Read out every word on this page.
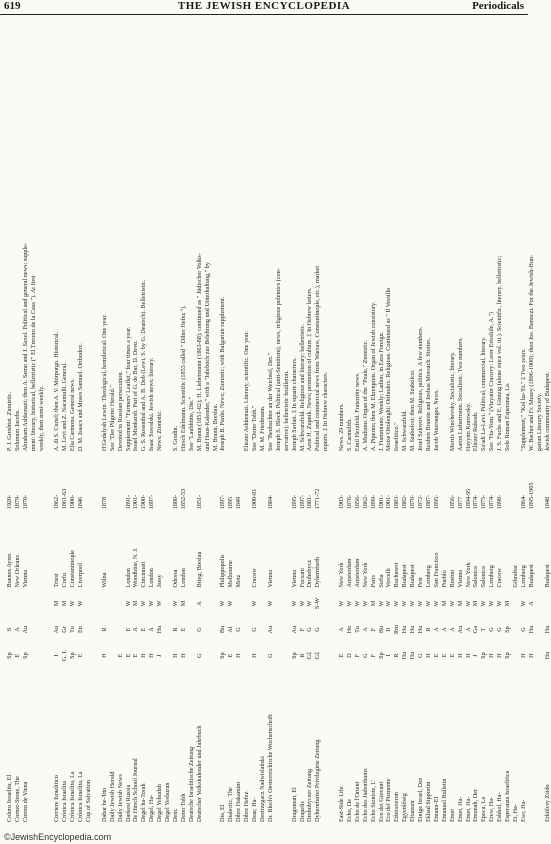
619	THE JEWISH ENCYCLOPEDIA	Periodicals
Coloro Israelita, El	Sp	S		Buenos Ayres	1920-	P. J. Groshtat. Zionistic.
Corner-Stone, The	E	A		New Orleans	1879-	Solomon Jacobs.
Correo de Viena	Sp	Au		Vienna	1870-	Abraham Ashkenazi; then A. Semo and J. Saxel. Political and general news; supple-
						ment: literary, historical, belletristic (" El Tresoro de la Casa "). At first
						weekly, then semi-weekly.

Corriere Israelitico	I	Au	M	Triest	1862-	A. di S. Curiel; then A. V. Morpurgo. Historical.
Crónica Israelita	G. I.	Gr	M	Corfu	1861-63	M. Levi and Z. Nacamulli. General.
Crónica Israelita, La	Sp	Tu	W	Constantinople	1900-	Elia Carmona. General news.
Crónica Israelita, La	E	En	W	Liverpool	1846	D. M. Isaacs and Moses Samuel. Orthodox.
Cup of Salvation						

Dabar be-'Itto	H	R		Wilna	1878	H'Gedalyah Lewin. Theological, homiletical. One year.
Daily Jewish Herald						See "Der Pilgerer Herald."
Daily Jewish News	E					Devoted to Russian persecution.
Darkest Russia	E	E	W	London	1891-	Supplement: "Farmers' Leaflet," four times a year.
De Hirsch School Journal	E	A	M	Woodbine, N. J.	1901-	Israel Monkarsh. Part of G. de Bar, D. Devo.
Degel ha-Torah	H	E	W	Cincinnati	1900-	G. S. Rosenthal and A. B. Dob (Lewi, S. by G. Deutsch). Belletristic.
Degel, Ha-	H	A	W	London	1897-	Isaac Suwalski. Jewish news; literary.
Degel Yehudah	J	Hu	W	Jassy		News; Zionistic.
Degel Yeshurun						
Dem.	H	R	W	Odessa	1880-	S. Gradin.
Dorer Tobh	H	E	M	London	1852-53	Hirsch Edelmann. Scientific (1853 called " Dibre Hefez ").
Deutsche Israelitische Zeitung						See "Laubhütte, Die."
Deutscher Volkskalender und Jahrbuch	G	G	A	Brieg; Breslau	1851-	M. Brann (1851-62); H. Liebermann (1863-88); continued as " Jüdischer Volks-
						und Haus-Kalender," with a "Jahrbuch zur Belehrung und Unterhaltung," by
						M. Brann, Breslau.
Dia, El	Sp	Bu	W	Philippopolis	1897-	Joseph B. Pardo. News; Zionistic; with Bulgarian supplement.
Dialectic, The	E	Al	W	Melbourne	1895	
Dibre Hakamim	H	G		Metz	1849	
Dibre Hefez						Eliezer Ashkenazi. Literary, scientific. One year.
Doar, Ha-	H	G	W	Cracow	1900-01	See "Dorer Tobh."
Dostrzegacz Nadwislański						M. M. Friedmann.
Dr. Bloch's Oesterreichische Wochenschrift	G	Au	W	Vienna	1884-	See "Beobachter an der Weichsel, Der."
						Joseph S. Bloch. Political (anti-Semitism), news, religious polemics (con-
						servative); belletristic feuilleton.
Dragoman, El	Sp	Au	W	Vienna	1895-	Joseph Sarfati. ‡ In square characters.
Drapelis	R	F	W	Focsani	1897-	M. Schwarzfeld. Religious and literary; belletristic.
Drohobyczer Zeitung	G‡	G	W	Drohobycz	1881-	Aron H. Zupnik. News; promotion of culture. ‡ In Hebrew letters.
Dyhernfurter Privilegirte Zeitung	G‡	G	S-W	Dyhernfurth	1771-72	Political and commercial news from Warsaw, Constantinople, etc.), market
						reports. ‡ In Hebrew characters.

East-Side Life	E	A	W	New York	1903-	News. 29 numbers.
Echo, De	D	Ho	W	Amsterdam	1876-	S. Carmelith.
Echo de l'Orient	F	Tu	W	Amsterdam	1856-	Emil Herzfeld. Fraternity news.
Echo des Judenthums	G	A	W	New York	1862-	A. Modiano. Organ of the "Poale." Zionistic.
Echo Sioniste, L'	F	F	M	Paris	1899-	A. Piperno; then M. Ehrenpreis. Organ of Jewish consistory.
Eco dei Giovani	Sp	Bu	W	Sofia	1901-	J. Fiammiano. Weekly; Ladino, in Ezra Foreign.
Eco del Piemonte	I	It	W	Vercelli	1901-	Moise Ottolenghi; Orthodox. Religious. Continued as " Il Vessillo
Edstraxerun	R	Rm	W	Bucharest	1883-	Israelitico."
Egyenlőség	Hu	Hu	W	Budapest	1882-	M. Schwarzfeld.
Eltanszir	Hu	Hu	W	Budapest	1870-	M. Szabolcsi; then M. Szabolcsi.
Einige Israel, Das	G	Hu	W	Pest	1872-	Josef Szlovov. Religious, politics. A few numbers.
Ekhad Sipporim	H	R	W	Lemberg	1887-	Reuben Brainin and Joshua Mossach. Stories.
Emanu-El	E	A	W	San Francisco	1895-	Jacob Voorsanger. News.
Emanuel Bulletin	E	A	M	Pueblo		
Emet	E	A	W	Boston	1856-	Morris Winchevsky. Socialistic, literary.
Emet, Ha-	H	Au	M	Vienna	1877	Aaron Liebermann. Socialistic. Two numbers.
Emet, Ha-	H	A	W	New York	1894-95	Hayyim Korowsky.
Emunah, Der	J	Ga	M	Salonica	1874-	Eliezer Rokeah.
Epoca, La	Sp	T	W	Salonica	1875-	Sa'adi La-Levi. Political, commercial, literary.
Erew, Ha-	H	G	W	Lemberg	1874-	See "Ha-Yom." (Vizyator Cracovy: Lerer Ertssliile, A.")
Eshkol, Ha-	H	G	W	Cracow	1898-	J. S. Fuchs and E. Gintzig (alone since vol. iii.). Scientific, literary, belletristic;
Esperanza Israelitica	Sp	Sp	M			Sole Roman Esperanza, La.
Et, Ha-				Gibraltar		
Ewr, Ha-	H	G	W	Lemberg	1864-	"Supplement," "Kol ha-'Et." ‡ Two years.
	H	Hu	A	Budapest	1895-1905	W. Bacher and Fr. Mezey (1896-1900); then Jos. Banoczi. For the Jewish-Hun-
						garian Literary Society.
Erkölcsy Zsido	Hu	Hu		Budapest	1848	Jewish community of Budapest.
©JewishEncyclopedia.com
